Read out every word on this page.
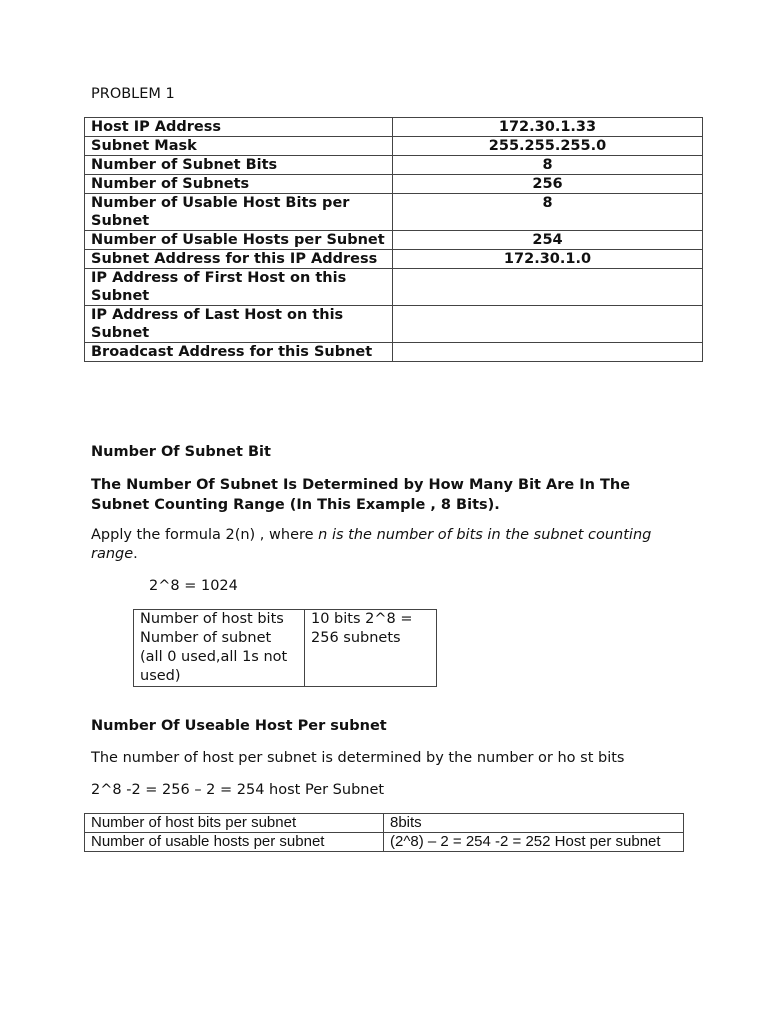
PROBLEM 1
Host IP Address	172.30.1.33
Subnet Mask	255.255.255.0
Number of Subnet Bits	8
Number of Subnets	256
Number of Usable Host Bits per Subnet	8
Number of Usable Hosts per Subnet	254
Subnet Address for this IP Address	172.30.1.0
IP Address of First Host on this Subnet	
IP Address of Last Host on this Subnet	
Broadcast Address for this Subnet	
Number Of Subnet Bit
The Number Of Subnet Is Determined by How Many Bit Are In The Subnet Counting Range (In This Example , 8 Bits).
Apply the formula 2(n) , where n is the number of bits in the subnet counting range.
2^8 = 1024
Number of host bits Number of subnet (all 0 used,all 1s not used)	10 bits 2^8 = 256 subnets
Number Of Useable Host Per subnet
The number of host per subnet is determined by the number or ho st bits
2^8 -2 = 256 – 2 = 254 host Per Subnet
Number of host bits per subnet	8bits
Number of usable hosts per subnet	(2^8) – 2 = 254 -2 = 252 Host per subnet
